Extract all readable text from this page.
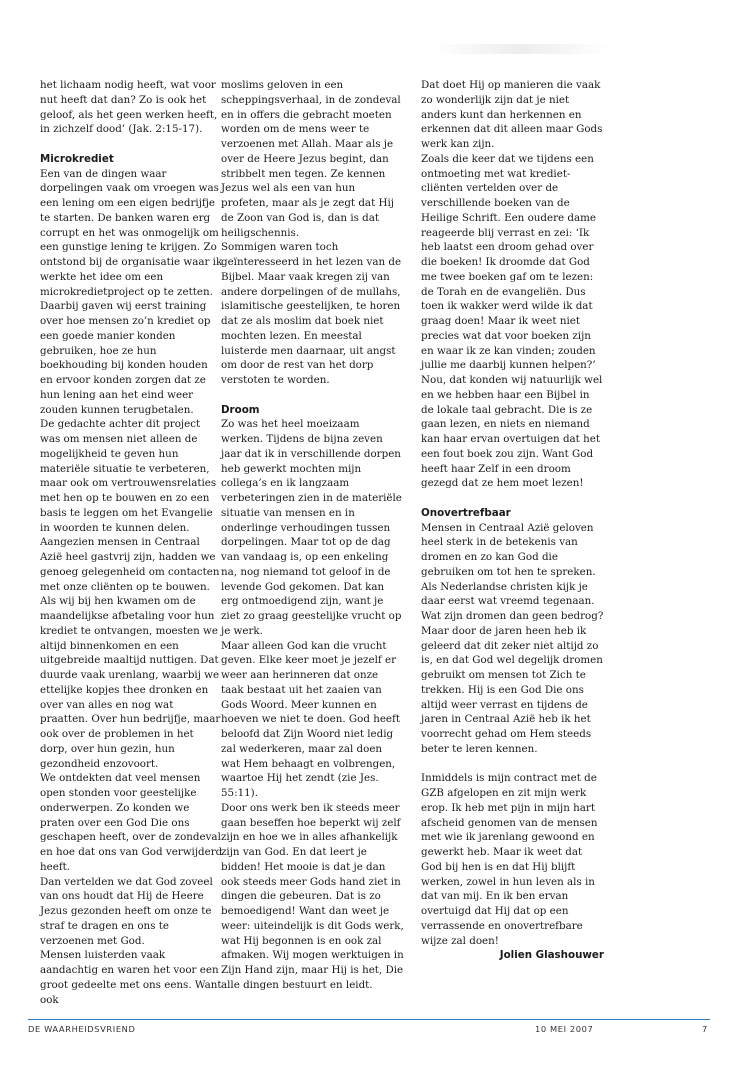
het lichaam nodig heeft, wat voor nut heeft dat dan? Zo is ook het geloof, als het geen werken heeft, in zichzelf dood’ (Jak. 2:15-17).

Microkrediet

Een van de dingen waar dorpelingen vaak om vroegen was een lening om een eigen bedrijfje te starten. De banken waren erg corrupt en het was onmogelijk om een gunstige lening te krijgen. Zo ontstond bij de organisatie waar ik werkte het idee om een microkredietproject op te zetten. Daarbij gaven wij eerst training over hoe mensen zo’n krediet op een goede manier konden gebruiken, hoe ze hun boekhouding bij konden houden en ervoor konden zorgen dat ze hun lening aan het eind weer zouden kunnen terugbetalen.

De gedachte achter dit project was om mensen niet alleen de mogelijkheid te geven hun materiële situatie te verbeteren, maar ook om vertrouwensrelaties met hen op te bouwen en zo een basis te leggen om het Evangelie in woorden te kunnen delen.

Aangezien mensen in Centraal Azië heel gastvrij zijn, hadden we genoeg gelegenheid om contacten met onze cliënten op te bouwen. Als wij bij hen kwamen om de maandelijkse afbetaling voor hun krediet te ontvangen, moesten we altijd binnenkomen en een uitgebreide maaltijd nuttigen. Dat duurde vaak urenlang, waarbij we ettelijke kopjes thee dronken en over van alles en nog wat praatten. Over hun bedrijfje, maar ook over de problemen in het dorp, over hun gezin, hun gezondheid enzovoort.

We ontdekten dat veel mensen open stonden voor geestelijke onderwerpen. Zo konden we praten over een God Die ons geschapen heeft, over de zondeval en hoe dat ons van God verwijderd heeft.

Dan vertelden we dat God zoveel van ons houdt dat Hij de Heere Jezus gezonden heeft om onze te straf te dragen en ons te verzoenen met God.

Mensen luisterden vaak aandachtig en waren het voor een groot gedeelte met ons eens. Want ook

moslims geloven in een scheppingsverhaal, in de zondeval en in offers die gebracht moeten worden om de mens weer te verzoenen met Allah. Maar als je over de Heere Jezus begint, dan stribbelt men tegen. Ze kennen Jezus wel als een van hun profeten, maar als je zegt dat Hij de Zoon van God is, dan is dat heiligschennis.

Sommigen waren toch geïnteresseerd in het lezen van de Bijbel. Maar vaak kregen zij van andere dorpelingen of de mullahs, islamitische geestelijken, te horen dat ze als moslim dat boek niet mochten lezen. En meestal luisterde men daarnaar, uit angst om door de rest van het dorp verstoten te worden.

Droom

Zo was het heel moeizaam werken. Tijdens de bijna zeven jaar dat ik in verschillende dorpen heb gewerkt mochten mijn collega’s en ik langzaam verbeteringen zien in de materiële situatie van mensen en in onderlinge verhoudingen tussen dorpelingen. Maar tot op de dag van vandaag is, op een enkeling na, nog niemand tot geloof in de levende God gekomen. Dat kan erg ontmoedigend zijn, want je ziet zo graag geestelijke vrucht op je werk.

Maar alleen God kan die vrucht geven. Elke keer moet je jezelf er weer aan herinneren dat onze taak bestaat uit het zaaien van Gods Woord. Meer kunnen en hoeven we niet te doen. God heeft beloofd dat Zijn Woord niet ledig zal wederkeren, maar zal doen wat Hem behaagt en volbrengen, waartoe Hij het zendt (zie Jes. 55:11).

Door ons werk ben ik steeds meer gaan beseffen hoe beperkt wij zelf zijn en hoe we in alles afhankelijk zijn van God. En dat leert je bidden! Het mooie is dat je dan ook steeds meer Gods hand ziet in dingen die gebeuren. Dat is zo bemoedigend! Want dan weet je weer: uiteindelijk is dit Gods werk, wat Hij begonnen is en ook zal afmaken. Wij mogen werktuigen in Zijn Hand zijn, maar Hij is het, Die alle dingen bestuurt en leidt.

Dat doet Hij op manieren die vaak zo wonderlijk zijn dat je niet anders kunt dan herkennen en erkennen dat dit alleen maar Gods werk kan zijn.

Zoals die keer dat we tijdens een ontmoeting met wat kredietcliënten vertelden over de verschillende boeken van de Heilige Schrift. Een oudere dame reageerde blij verrast en zei: ‘Ik heb laatst een droom gehad over die boeken! Ik droomde dat God me twee boeken gaf om te lezen: de Torah en de evangeliën. Dus toen ik wakker werd wilde ik dat graag doen! Maar ik weet niet precies wat dat voor boeken zijn en waar ik ze kan vinden; zouden jullie me daarbij kunnen helpen?’

Nou, dat konden wij natuurlijk wel en we hebben haar een Bijbel in de lokale taal gebracht. Die is ze gaan lezen, en niets en niemand kan haar ervan overtuigen dat het een fout boek zou zijn. Want God heeft haar Zelf in een droom gezegd dat ze hem moet lezen!

Onovertrefbaar

Mensen in Centraal Azië geloven heel sterk in de betekenis van dromen en zo kan God die gebruiken om tot hen te spreken. Als Nederlandse christen kijk je daar eerst wat vreemd tegenaan. Wat zijn dromen dan geen bedrog? Maar door de jaren heen heb ik geleerd dat dit zeker niet altijd zo is, en dat God wel degelijk dromen gebruikt om mensen tot Zich te trekken. Hij is een God Die ons altijd weer verrast en tijdens de jaren in Centraal Azië heb ik het voorrecht gehad om Hem steeds beter te leren kennen.

Inmiddels is mijn contract met de GZB afgelopen en zit mijn werk erop. Ik heb met pijn in mijn hart afscheid genomen van de mensen met wie ik jarenlang gewoond en gewerkt heb. Maar ik weet dat God bij hen is en dat Hij blijft werken, zowel in hun leven als in dat van mij. En ik ben ervan overtuigd dat Hij dat op een verrassende en onovertrefbare wijze zal doen!

Jolien Glashouwer

DE WAARHEIDSVRIEND	10 MEI 2007	7
